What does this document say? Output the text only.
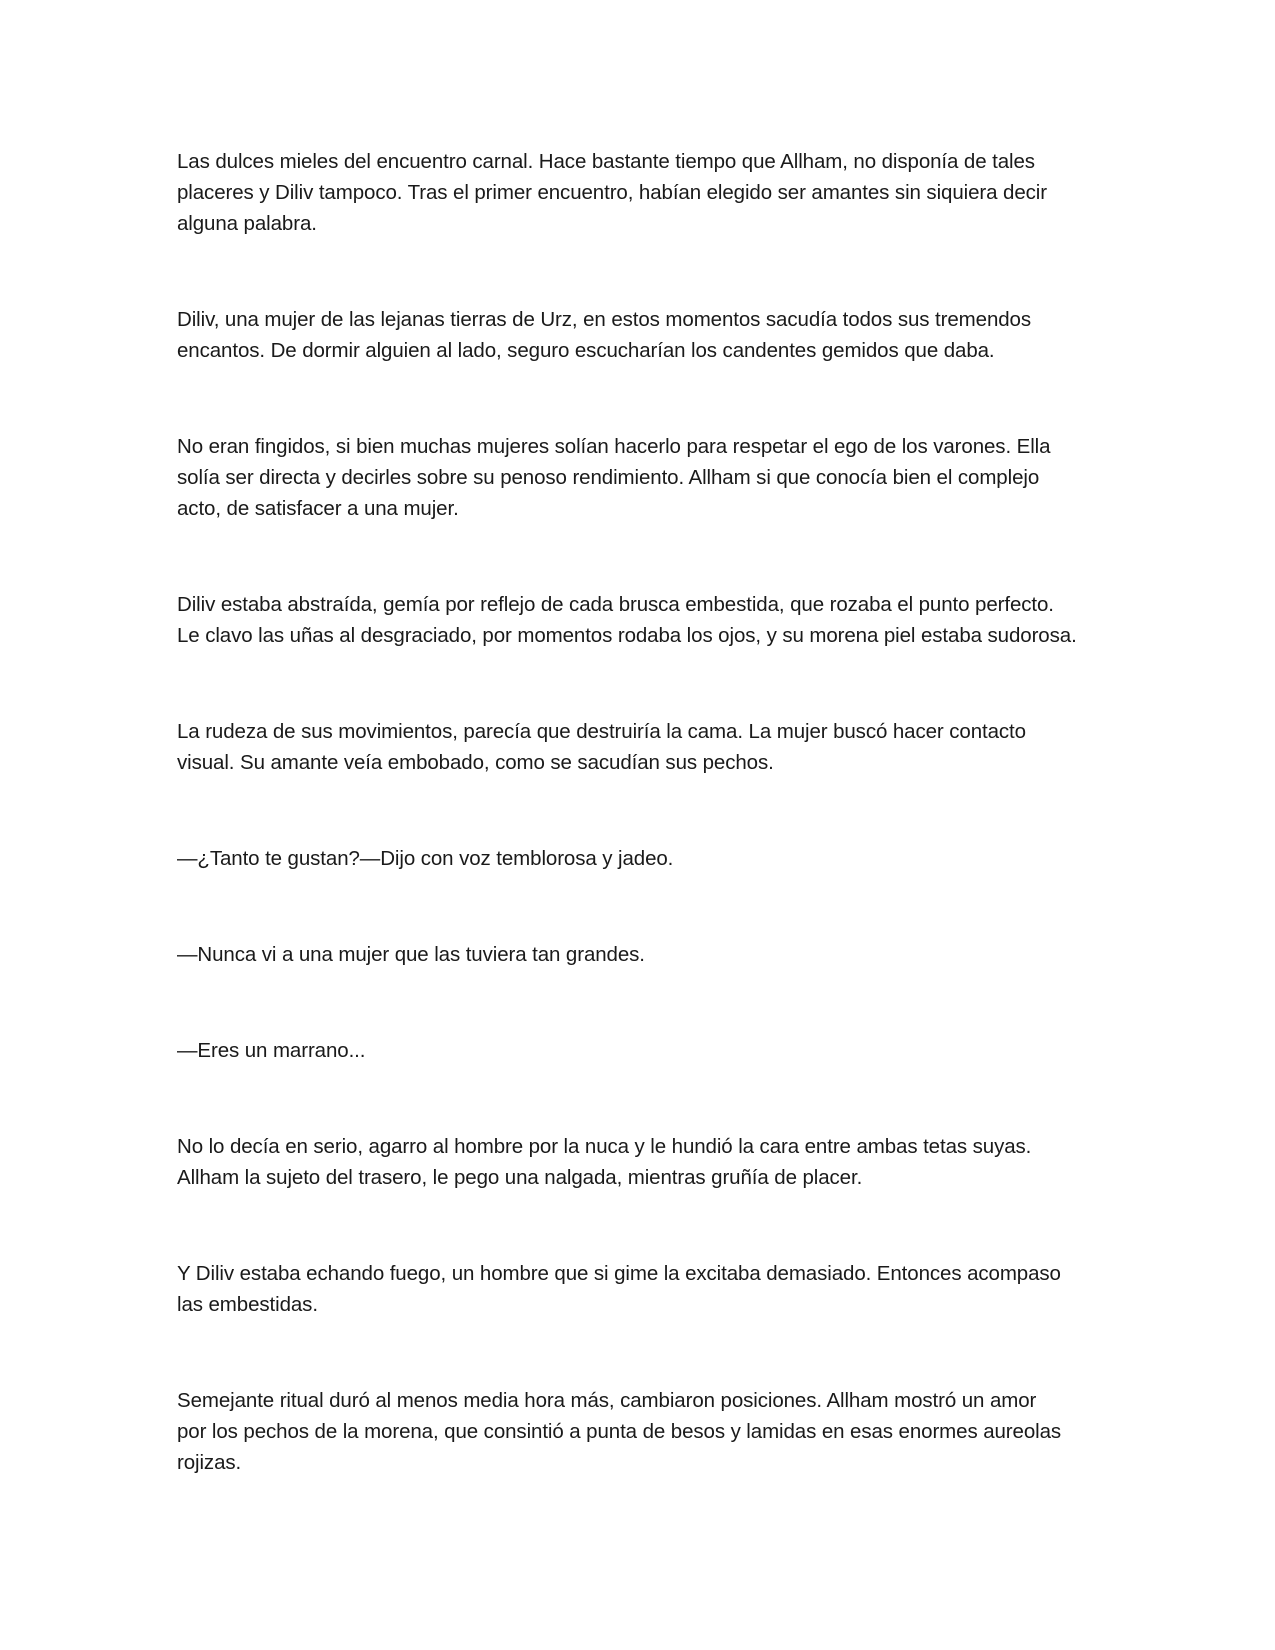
Las dulces mieles del encuentro carnal. Hace bastante tiempo que Allham, no disponía de tales
placeres y Diliv tampoco. Tras el primer encuentro, habían elegido ser amantes sin siquiera decir
alguna palabra.

Diliv, una mujer de las lejanas tierras de Urz, en estos momentos sacudía todos sus tremendos
encantos. De dormir alguien al lado, seguro escucharían los candentes gemidos que daba.

No eran fingidos, si bien muchas mujeres solían hacerlo para respetar el ego de los varones. Ella
solía ser directa y decirles sobre su penoso rendimiento. Allham si que conocía bien el complejo
acto, de satisfacer a una mujer.

Diliv estaba abstraída, gemía por reflejo de cada brusca embestida, que rozaba el punto perfecto.
Le clavo las uñas al desgraciado, por momentos rodaba los ojos, y su morena piel estaba sudorosa.

La rudeza de sus movimientos, parecía que destruiría la cama. La mujer buscó hacer contacto
visual. Su amante veía embobado, como se sacudían sus pechos.

—¿Tanto te gustan?—Dijo con voz temblorosa y jadeo.

—Nunca vi a una mujer que las tuviera tan grandes.

—Eres un marrano...

No lo decía en serio, agarro al hombre por la nuca y le hundió la cara entre ambas tetas suyas.
Allham la sujeto del trasero, le pego una nalgada, mientras gruñía de placer.

Y Diliv estaba echando fuego, un hombre que si gime la excitaba demasiado. Entonces acompaso
las embestidas.

Semejante ritual duró al menos media hora más, cambiaron posiciones. Allham mostró un amor
por los pechos de la morena, que consintió a punta de besos y lamidas en esas enormes aureolas
rojizas.
